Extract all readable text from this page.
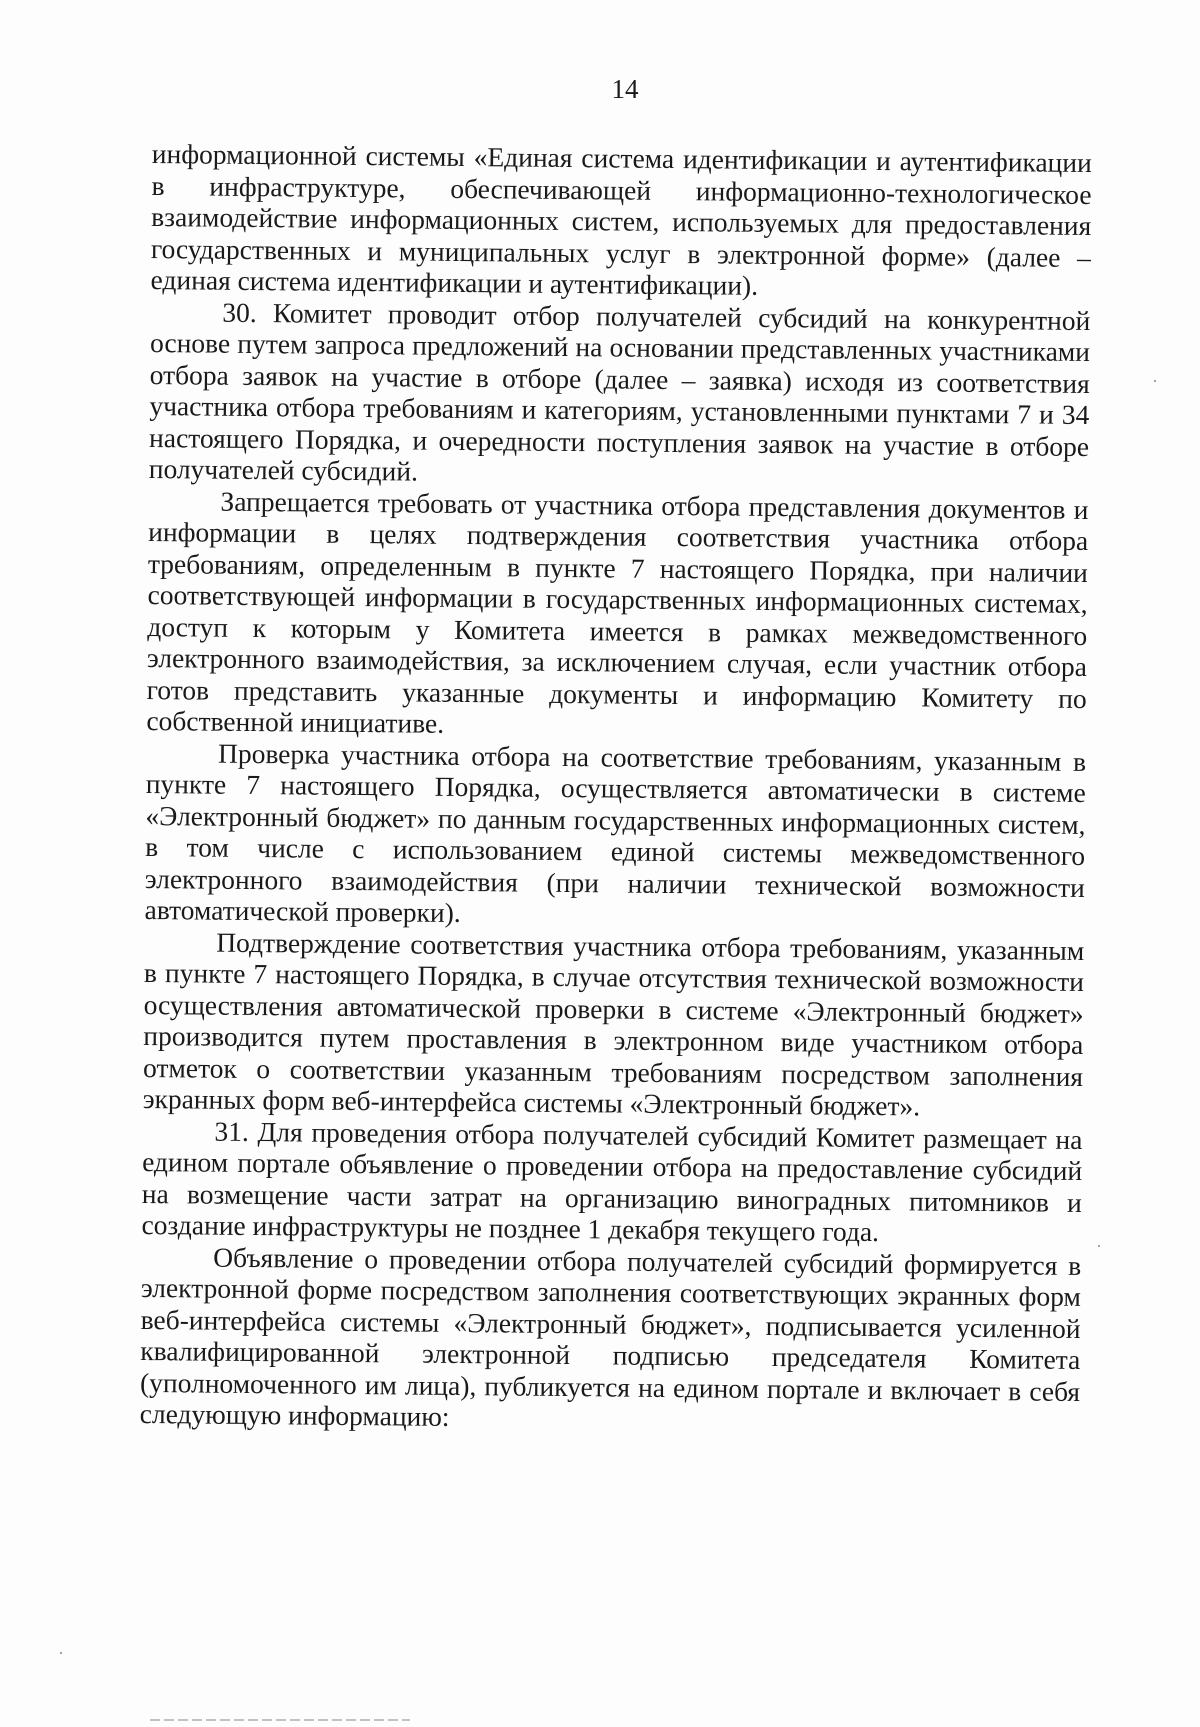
14

информационной системы «Единая система идентификации и аутентификации в инфраструктуре, обеспечивающей информационно-технологическое взаимодействие информационных систем, используемых для предоставления государственных и муниципальных услуг в электронной форме» (далее – единая система идентификации и аутентификации).

30. Комитет проводит отбор получателей субсидий на конкурентной основе путем запроса предложений на основании представленных участниками отбора заявок на участие в отборе (далее – заявка) исходя из соответствия участника отбора требованиям и категориям, установленными пунктами 7 и 34 настоящего Порядка, и очередности поступления заявок на участие в отборе получателей субсидий.

Запрещается требовать от участника отбора представления документов и информации в целях подтверждения соответствия участника отбора требованиям, определенным в пункте 7 настоящего Порядка, при наличии соответствующей информации в государственных информационных системах, доступ к которым у Комитета имеется в рамках межведомственного электронного взаимодействия, за исключением случая, если участник отбора готов представить указанные документы и информацию Комитету по собственной инициативе.

Проверка участника отбора на соответствие требованиям, указанным в пункте 7 настоящего Порядка, осуществляется автоматически в системе «Электронный бюджет» по данным государственных информационных систем, в том числе с использованием единой системы межведомственного электронного взаимодействия (при наличии технической возможности автоматической проверки).

Подтверждение соответствия участника отбора требованиям, указанным в пункте 7 настоящего Порядка, в случае отсутствия технической возможности осуществления автоматической проверки в системе «Электронный бюджет» производится путем проставления в электронном виде участником отбора отметок о соответствии указанным требованиям посредством заполнения экранных форм веб-интерфейса системы «Электронный бюджет».

31. Для проведения отбора получателей субсидий Комитет размещает на едином портале объявление о проведении отбора на предоставление субсидий на возмещение части затрат на организацию виноградных питомников и создание инфраструктуры не позднее 1 декабря текущего года.

Объявление о проведении отбора получателей субсидий формируется в электронной форме посредством заполнения соответствующих экранных форм веб-интерфейса системы «Электронный бюджет», подписывается усиленной квалифицированной электронной подписью председателя Комитета (уполномоченного им лица), публикуется на едином портале и включает в себя следующую информацию:
